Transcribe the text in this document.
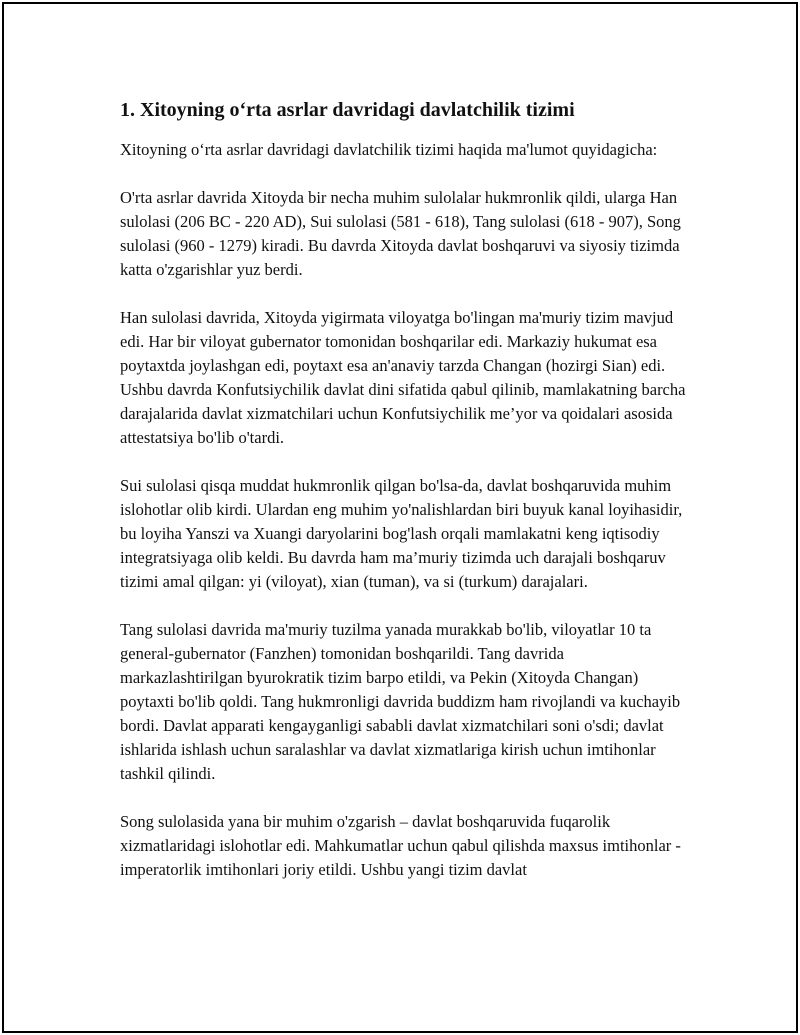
1. Xitoyning o‘rta asrlar davridagi davlatchilik tizimi

Xitoyning o‘rta asrlar davridagi davlatchilik tizimi haqida ma'lumot quyidagicha:

O'rta asrlar davrida Xitoyda bir necha muhim sulolalar hukmronlik qildi, ularga Han sulolasi (206 BC - 220 AD), Sui sulolasi (581 - 618), Tang sulolasi (618 - 907), Song sulolasi (960 - 1279) kiradi. Bu davrda Xitoyda davlat boshqaruvi va siyosiy tizimda katta o'zgarishlar yuz berdi.

Han sulolasi davrida, Xitoyda yigirmata viloyatga bo'lingan ma'muriy tizim mavjud edi. Har bir viloyat gubernator tomonidan boshqarilar edi. Markaziy hukumat esa poytaxtda joylashgan edi, poytaxt esa an'anaviy tarzda Changan (hozirgi Sian) edi. Ushbu davrda Konfutsiychilik davlat dini sifatida qabul qilinib, mamlakatning barcha darajalarida davlat xizmatchilari uchun Konfutsiychilik me’yor va qoidalari asosida attestatsiya bo'lib o'tardi.

Sui sulolasi qisqa muddat hukmronlik qilgan bo'lsa-da, davlat boshqaruvida muhim islohotlar olib kirdi. Ulardan eng muhim yo'nalishlardan biri buyuk kanal loyihasidir, bu loyiha Yanszi va Xuangi daryolarini bog'lash orqali mamlakatni keng iqtisodiy integratsiyaga olib keldi. Bu davrda ham ma’muriy tizimda uch darajali boshqaruv tizimi amal qilgan: yi (viloyat), xian (tuman), va si (turkum) darajalari.

Tang sulolasi davrida ma'muriy tuzilma yanada murakkab bo'lib, viloyatlar 10 ta general-gubernator (Fanzhen) tomonidan boshqarildi. Tang davrida markazlashtirilgan byurokratik tizim barpo etildi, va Pekin (Xitoyda Changan) poytaxti bo'lib qoldi. Tang hukmronligi davrida buddizm ham rivojlandi va kuchayib bordi. Davlat apparati kengayganligi sababli davlat xizmatchilari soni o'sdi; davlat ishlarida ishlash uchun saralashlar va davlat xizmatlariga kirish uchun imtihonlar tashkil qilindi.

Song sulolasida yana bir muhim o'zgarish – davlat boshqaruvida fuqarolik xizmatlaridagi islohotlar edi. Mahkumatlar uchun qabul qilishda maxsus imtihonlar - imperatorlik imtihonlari joriy etildi. Ushbu yangi tizim davlat
